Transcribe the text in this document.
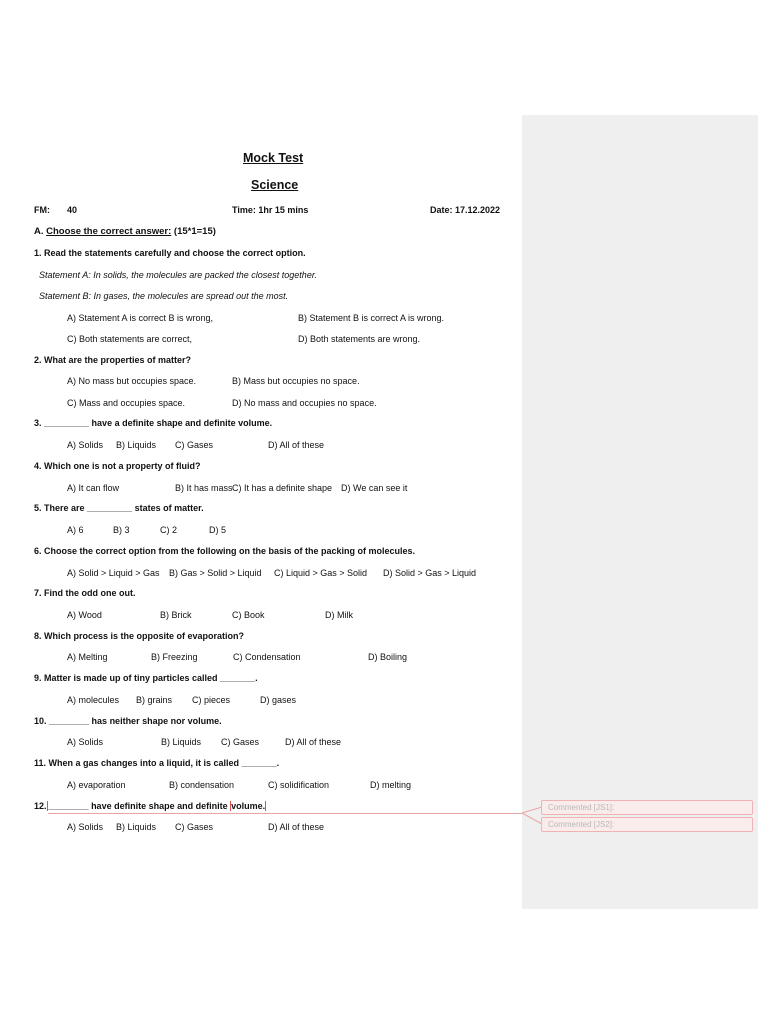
Mock Test
Science
FM: 40	Time: 1hr 15 mins	Date: 17.12.2022
A. Choose the correct answer: (15*1=15)
1. Read the statements carefully and choose the correct option.
Statement A: In solids, the molecules are packed the closest together.
Statement B: In gases, the molecules are spread out the most.
A) Statement A is correct B is wrong,	B) Statement B is correct A is wrong.
C) Both statements are correct,	D) Both statements are wrong.
2. What are the properties of matter?
A) No mass but occupies space.	B) Mass but occupies no space.
C) Mass and occupies space.	D) No mass and occupies no space.
3. _________ have a definite shape and definite volume.
A) Solids B) Liquids C) Gases	D) All of these
4. Which one is not a property of fluid?
A) It can flow	B) It has mass C) It has a definite shape D) We can see it
5. There are _________ states of matter.
A) 6	B) 3	C) 2	D) 5
6. Choose the correct option from the following on the basis of the packing of molecules.
A) Solid > Liquid > Gas B) Gas > Solid > Liquid C) Liquid > Gas > Solid D) Solid > Gas > Liquid
7. Find the odd one out.
A) Wood	B) Brick	C) Book	D) Milk
8. Which process is the opposite of evaporation?
A) Melting	B) Freezing	C) Condensation	D) Boiling
9. Matter is made up of tiny particles called _______.
A) molecules B) grains C) pieces	D) gases
10. ________ has neither shape nor volume.
A) Solids	B) Liquids C) Gases	D) All of these
11. When a gas changes into a liquid, it is called _______.
A) evaporation	B) condensation	C) solidification	D) melting
12. ________ have definite shape and definite volume.
A) Solids B) Liquids C) Gases	D) All of these
Commented [JS1]:
Commented [JS2]:
